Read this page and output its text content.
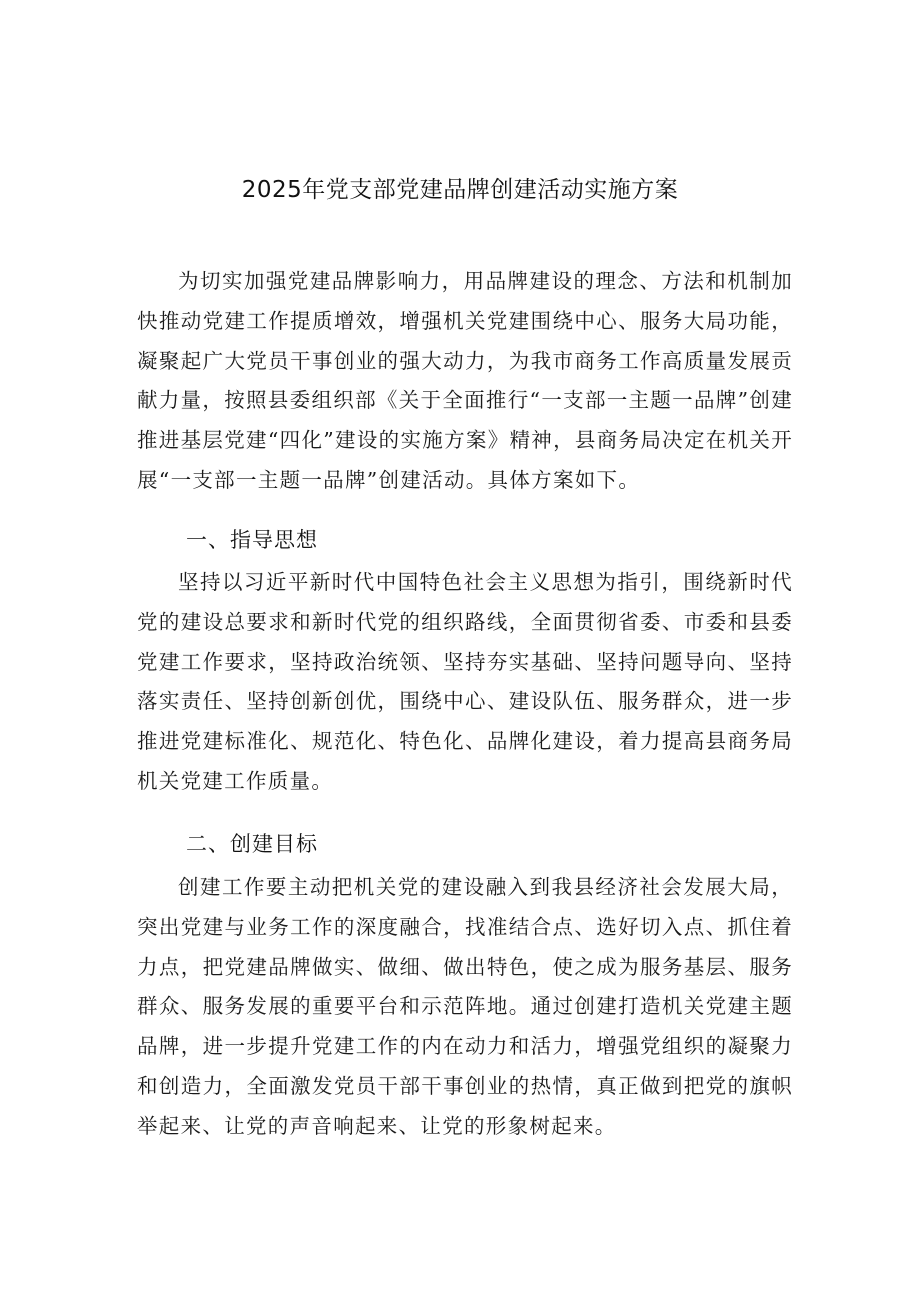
2025年党支部党建品牌创建活动实施方案

为切实加强党建品牌影响力，用品牌建设的理念、方法和机制加快推动党建工作提质增效，增强机关党建围绕中心、服务大局功能，凝聚起广大党员干事创业的强大动力，为我市商务工作高质量发展贡献力量，按照县委组织部《关于全面推行“一支部一主题一品牌”创建推进基层党建“四化”建设的实施方案》精神，县商务局决定在机关开展“一支部一主题一品牌”创建活动。具体方案如下。

一、指导思想

坚持以习近平新时代中国特色社会主义思想为指引，围绕新时代党的建设总要求和新时代党的组织路线，全面贯彻省委、市委和县委党建工作要求，坚持政治统领、坚持夯实基础、坚持问题导向、坚持落实责任、坚持创新创优，围绕中心、建设队伍、服务群众，进一步推进党建标准化、规范化、特色化、品牌化建设，着力提高县商务局机关党建工作质量。

二、创建目标

创建工作要主动把机关党的建设融入到我县经济社会发展大局，突出党建与业务工作的深度融合，找准结合点、选好切入点、抓住着力点，把党建品牌做实、做细、做出特色，使之成为服务基层、服务群众、服务发展的重要平台和示范阵地。通过创建打造机关党建主题品牌，进一步提升党建工作的内在动力和活力，增强党组织的凝聚力和创造力，全面激发党员干部干事创业的热情，真正做到把党的旗帜举起来、让党的声音响起来、让党的形象树起来。
